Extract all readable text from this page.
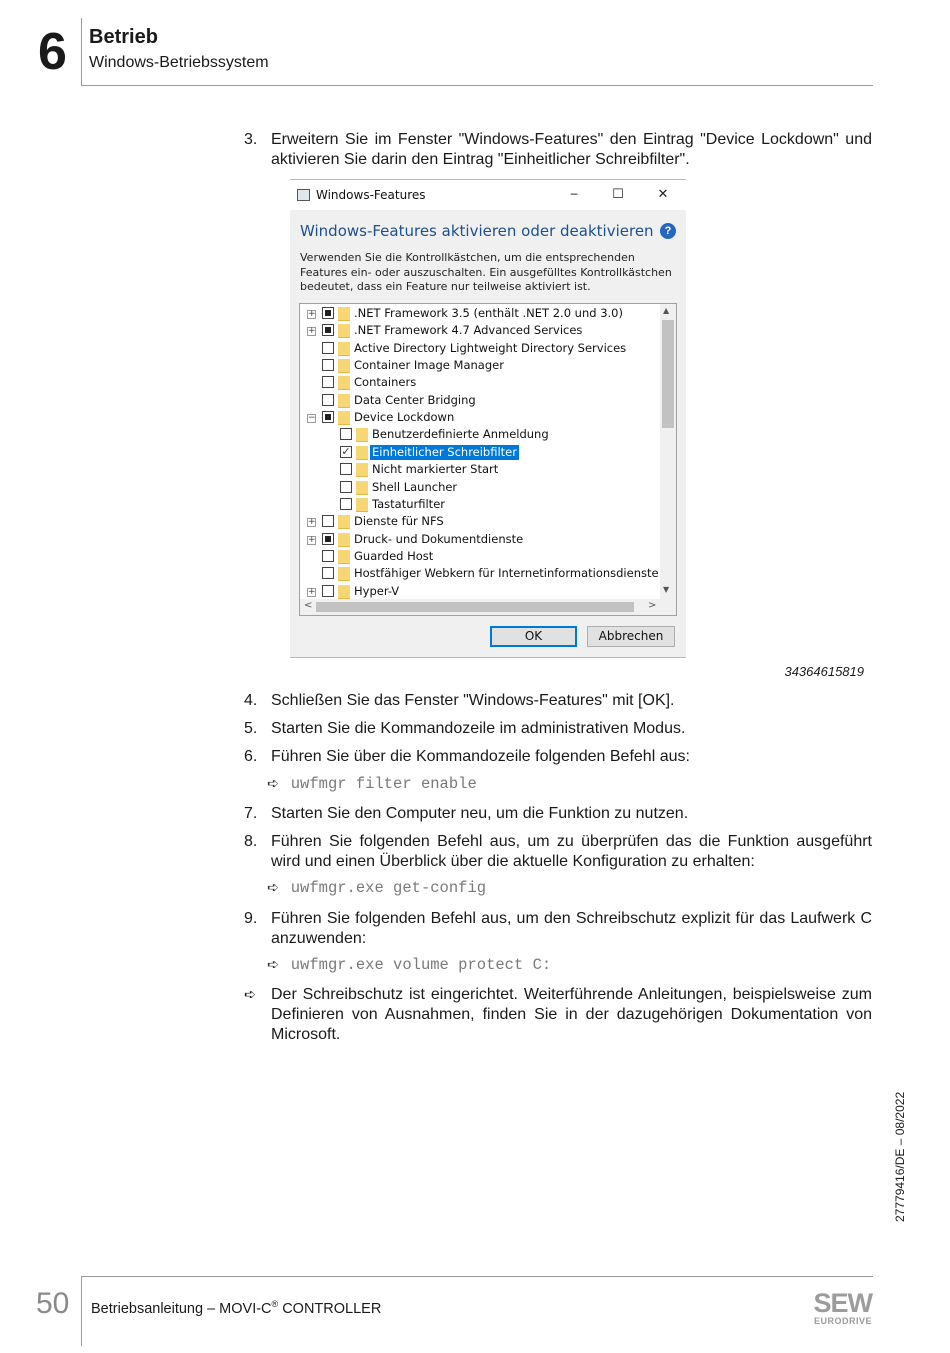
6 Betrieb
Windows-Betriebssystem
3. Erweitern Sie im Fenster "Windows-Features" den Eintrag "Device Lockdown" und aktivieren Sie darin den Eintrag "Einheitlicher Schreibfilter".
Windows-Features	─	☐	✕
Windows-Features aktivieren oder deaktivieren	?
Verwenden Sie die Kontrollkästchen, um die entsprechenden Features ein- oder auszuschalten. Ein ausgefülltes Kontrollkästchen bedeutet, dass ein Feature nur teilweise aktiviert ist.
+	.NET Framework 3.5 (enthält .NET 2.0 und 3.0)
+	.NET Framework 4.7 Advanced Services
Active Directory Lightweight Directory Services
Container Image Manager
Containers
Data Center Bridging
−	Device Lockdown
Benutzerdefinierte Anmeldung
✓ Einheitlicher Schreibfilter
Nicht markierter Start
Shell Launcher
Tastaturfilter
+	Dienste für NFS
+	Druck- und Dokumentdienste
Guarded Host
Hostfähiger Webkern für Internetinformationsdienste
+	Hyper-V
▲
▼
<	>
OK	Abbrechen
34364615819
4. Schließen Sie das Fenster "Windows-Features" mit [OK].
5. Starten Sie die Kommandozeile im administrativen Modus.
6. Führen Sie über die Kommandozeile folgenden Befehl aus:
➪ uwfmgr filter enable
7. Starten Sie den Computer neu, um die Funktion zu nutzen.
8. Führen Sie folgenden Befehl aus, um zu überprüfen das die Funktion ausgeführt wird und einen Überblick über die aktuelle Konfiguration zu erhalten:
➪ uwfmgr.exe get-config
9. Führen Sie folgenden Befehl aus, um den Schreibschutz explizit für das Laufwerk C anzuwenden:
➪ uwfmgr.exe volume protect C:
➪ Der Schreibschutz ist eingerichtet. Weiterführende Anleitungen, beispielsweise zum Definieren von Ausnahmen, finden Sie in der dazugehörigen Dokumentation von Microsoft.
27779416/DE – 08/2022
50 Betriebsanleitung – MOVI-C® CONTROLLER	SEW
EURODRIVE
